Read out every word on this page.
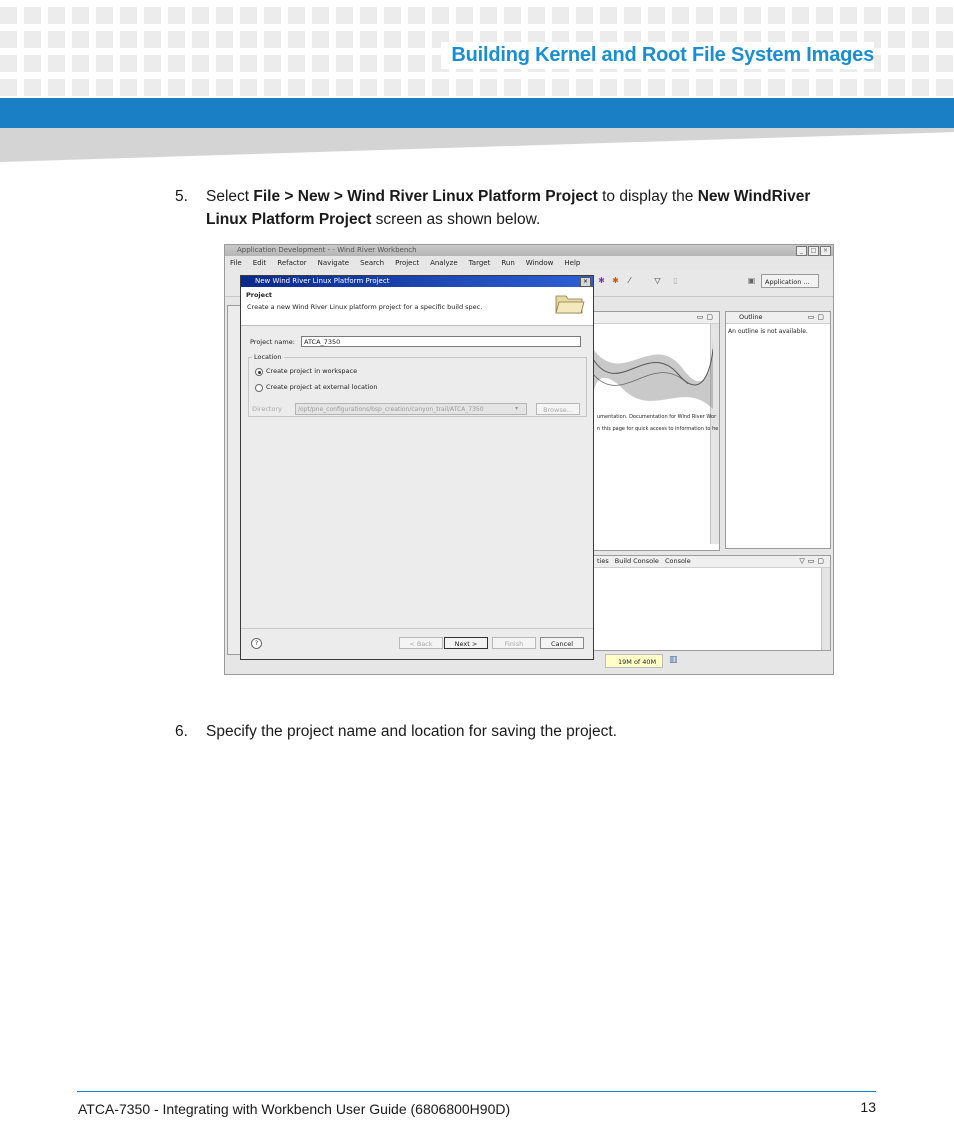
Building Kernel and Root File System Images
5.	Select File > New > Wind River Linux Platform Project to display the New WindRiver
Linux Platform Project screen as shown below.
Application Development - - Wind River Workbench	_	□	×
File Edit Refactor Navigate Search Project Analyze Target Run Window Help
✱ ✱	⁄	▽ ▯	▣	Application ...
▭▢
umentation. Documentation for Wind River Wor
n this page for quick access to information to he
Outline	▭▢
An outline is not available.
ties Build Console Console	▽▭▢
19M of 40M	▥
New Wind River Linux Platform Project	×
Project
Create a new Wind River Linux platform project for a specific build spec.
Project name:	ATCA_7350
Location
Create project in workspace
Create project at external location
Directory	/opt/pne_configurations/bsp_creation/canyon_trail/ATCA_7350	▾	Browse...
?	< Back	Next >	Finish	Cancel
6.	Specify the project name and location for saving the project.
ATCA-7350 - Integrating with Workbench User Guide (6806800H90D)	13
